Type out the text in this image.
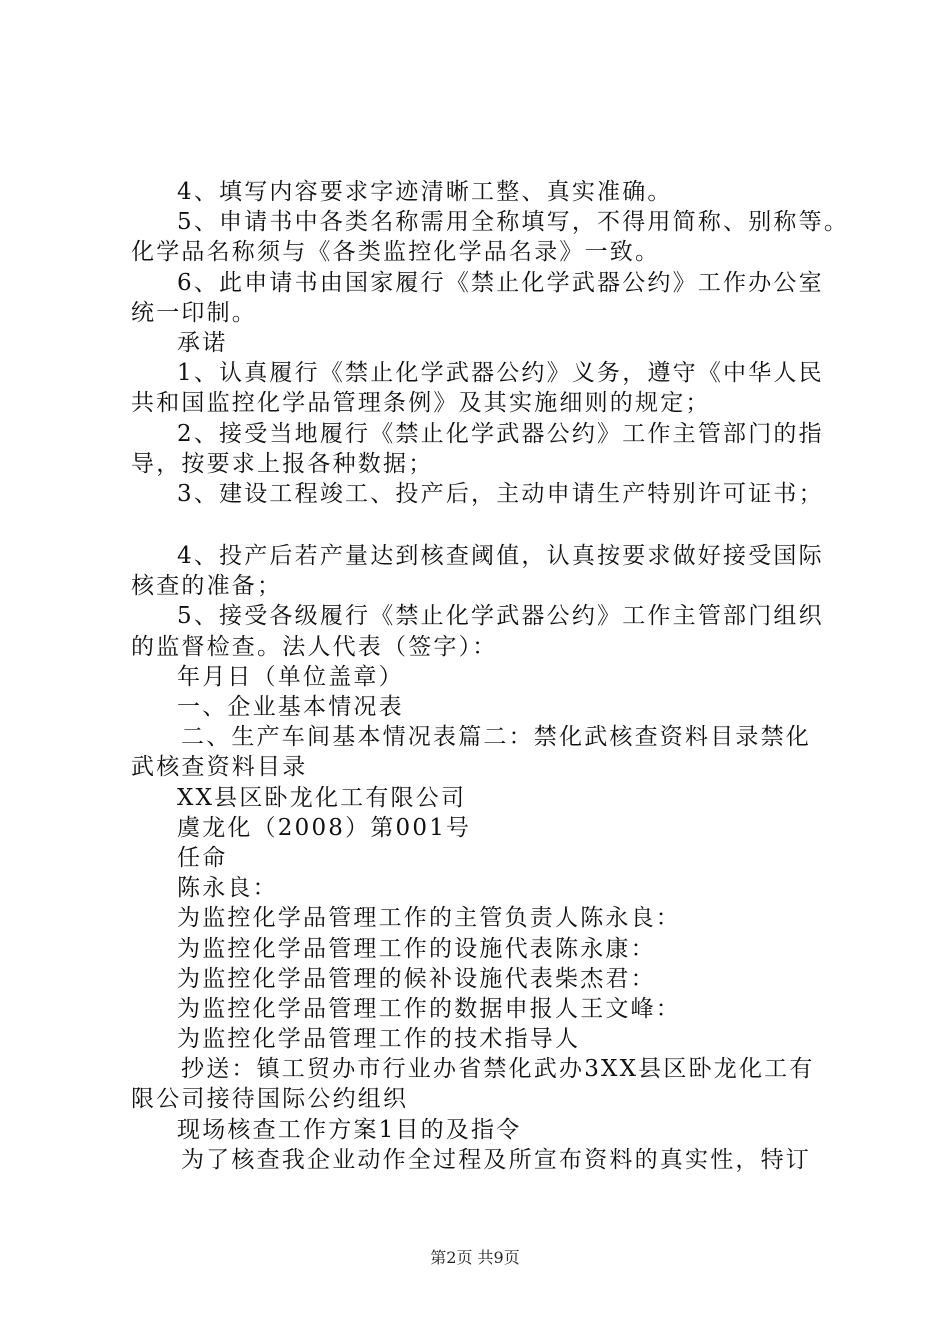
4、填写内容要求字迹清晰工整、真实准确。
5、申请书中各类名称需用全称填写，不得用简称、别称等。
化学品名称须与《各类监控化学品名录》一致。
6、此申请书由国家履行《禁止化学武器公约》工作办公室
统一印制。
承诺
1、认真履行《禁止化学武器公约》义务，遵守《中华人民
共和国监控化学品管理条例》及其实施细则的规定；
2、接受当地履行《禁止化学武器公约》工作主管部门的指
导，按要求上报各种数据；
3、建设工程竣工、投产后，主动申请生产特别许可证书；
4、投产后若产量达到核查阈值，认真按要求做好接受国际
核查的准备；
5、接受各级履行《禁止化学武器公约》工作主管部门组织
的监督检查。法人代表（签字）：
年月日（单位盖章）
一、企业基本情况表
二、生产车间基本情况表篇二：禁化武核查资料目录禁化
武核查资料目录
XX县区卧龙化工有限公司
虞龙化（2008）第001号
任命
陈永良：
为监控化学品管理工作的主管负责人陈永良：
为监控化学品管理工作的设施代表陈永康：
为监控化学品管理的候补设施代表柴杰君：
为监控化学品管理工作的数据申报人王文峰：
为监控化学品管理工作的技术指导人
抄送：镇工贸办市行业办省禁化武办3XX县区卧龙化工有
限公司接待国际公约组织
现场核查工作方案1目的及指令
为了核查我企业动作全过程及所宣布资料的真实性，特订
第2页 共9页
